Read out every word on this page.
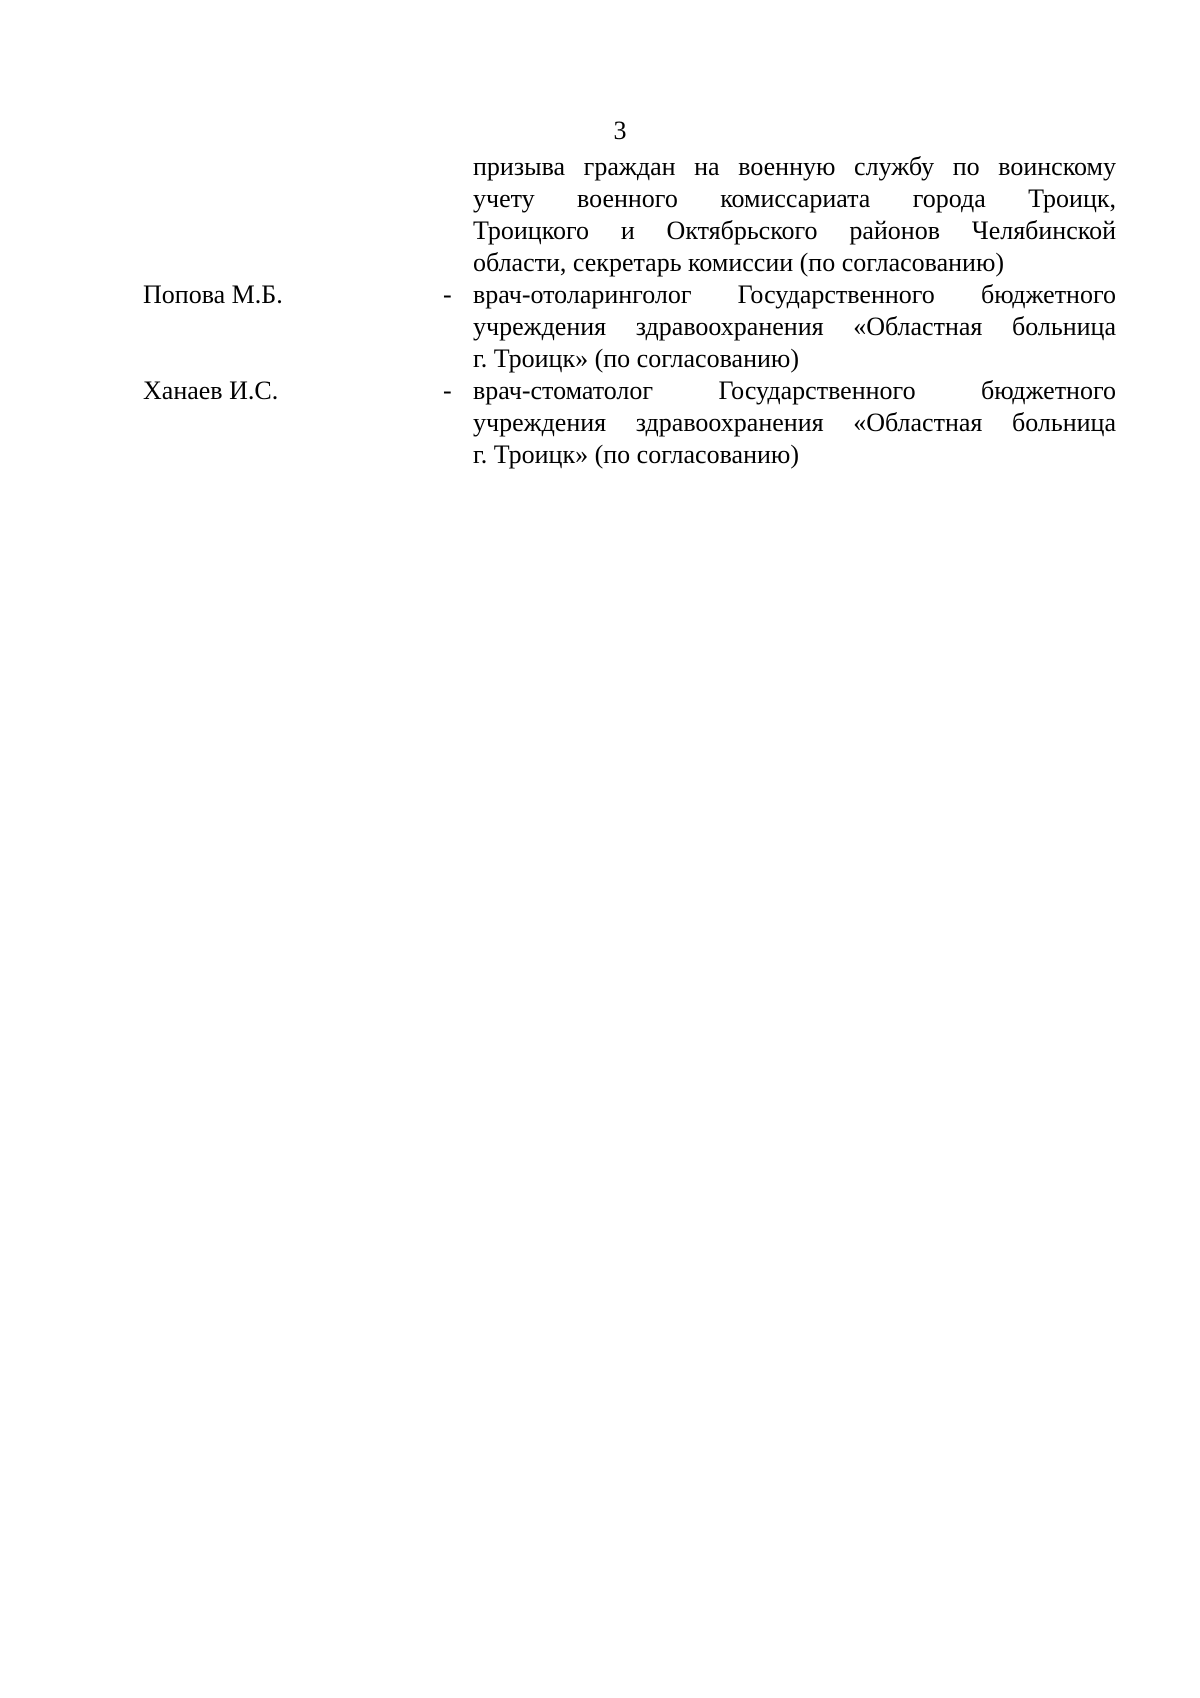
3
призыва граждан на военную службу по воинскому
учету военного комиссариата города Троицк,
Троицкого и Октябрьского районов Челябинской
области, секретарь комиссии (по согласованию)
Попова М.Б.	- врач-отоларинголог Государственного бюджетного
учреждения здравоохранения «Областная больница
г. Троицк» (по согласованию)
Ханаев И.С.	- врач-стоматолог Государственного бюджетного
учреждения здравоохранения «Областная больница
г. Троицк» (по согласованию)
